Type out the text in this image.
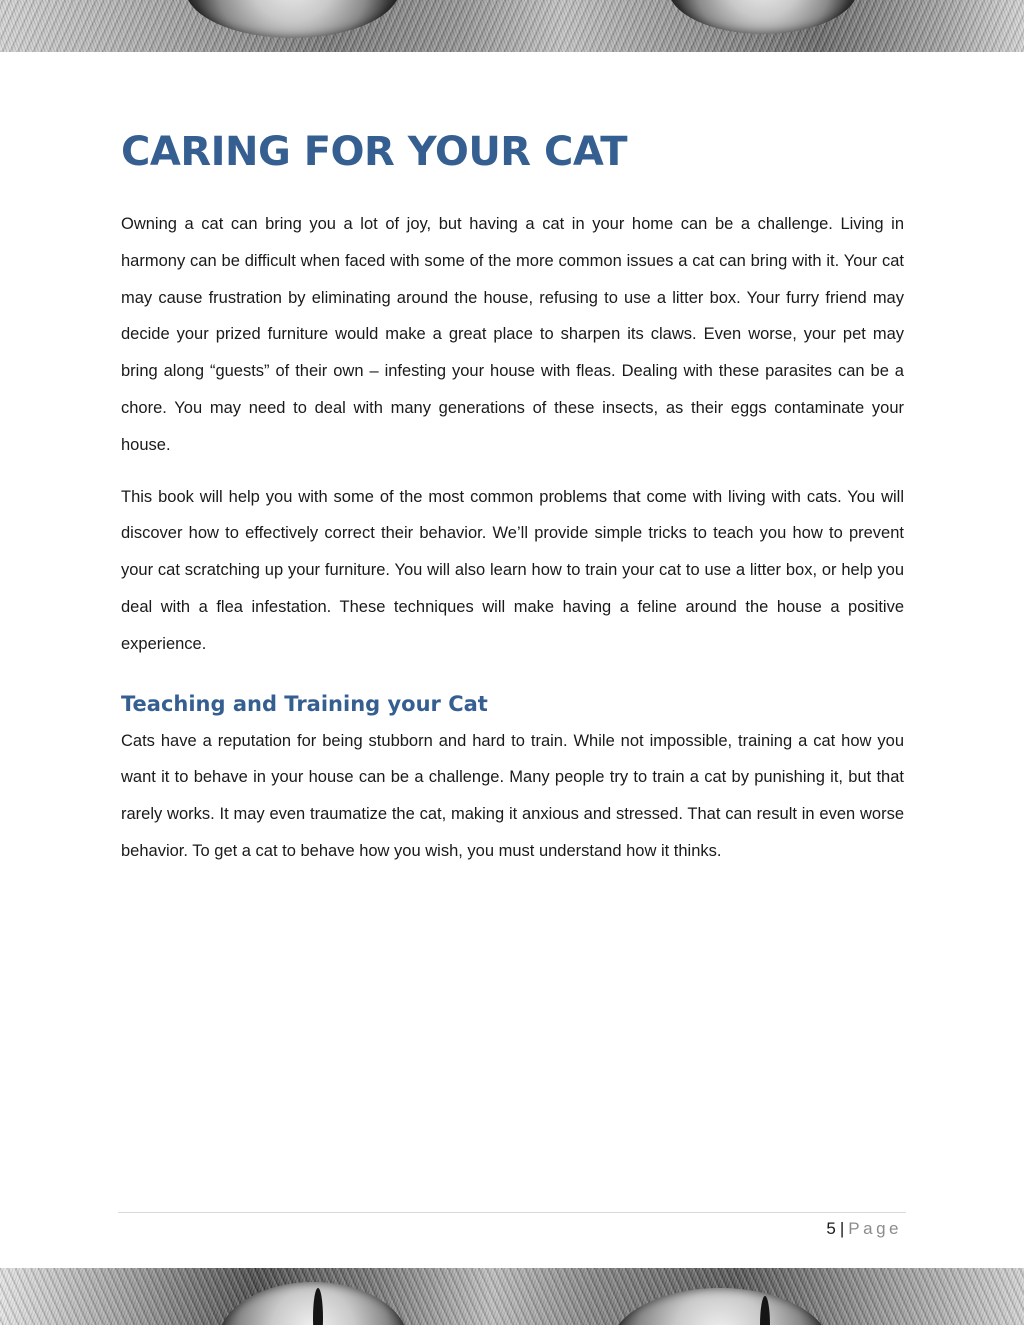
CARING FOR YOUR CAT

Owning a cat can bring you a lot of joy, but having a cat in your home can be a challenge. Living in harmony can be difficult when faced with some of the more common issues a cat can bring with it. Your cat may cause frustration by eliminating around the house, refusing to use a litter box. Your furry friend may decide your prized furniture would make a great place to sharpen its claws. Even worse, your pet may bring along “guests” of their own – infesting your house with fleas. Dealing with these parasites can be a chore. You may need to deal with many generations of these insects, as their eggs contaminate your house.

This book will help you with some of the most common problems that come with living with cats. You will discover how to effectively correct their behavior. We’ll provide simple tricks to teach you how to prevent your cat scratching up your furniture. You will also learn how to train your cat to use a litter box, or help you deal with a flea infestation. These techniques will make having a feline around the house a positive experience.

Teaching and Training your Cat

Cats have a reputation for being stubborn and hard to train. While not impossible, training a cat how you want it to behave in your house can be a challenge. Many people try to train a cat by punishing it, but that rarely works. It may even traumatize the cat, making it anxious and stressed. That can result in even worse behavior. To get a cat to behave how you wish, you must understand how it thinks.

5 | Page
